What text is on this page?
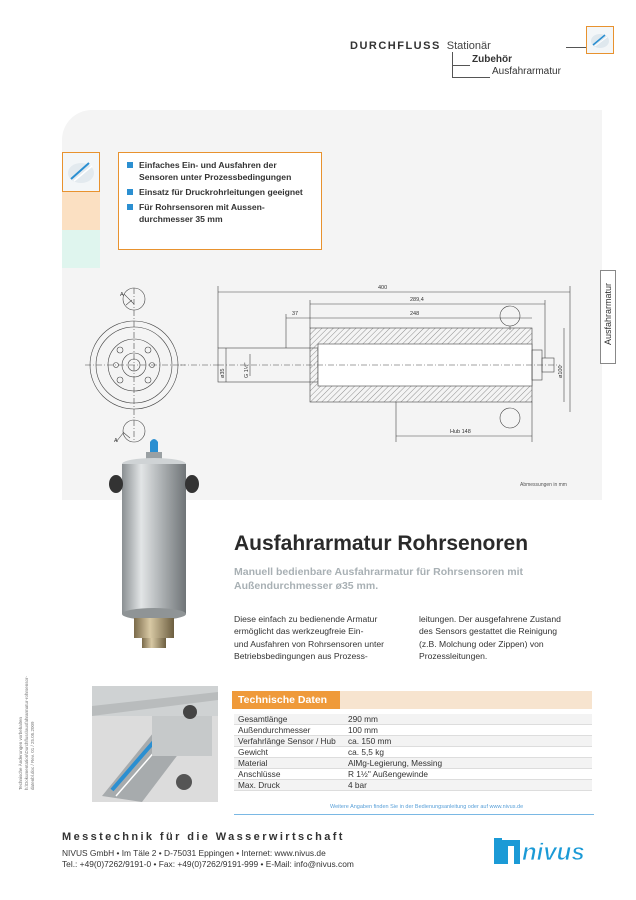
DURCHFLUSS Stationär
Zubehör
Ausfahrarmatur
Einfaches Ein- und Ausfahren der Sensoren unter Prozessbedingungen
Einsatz für Druckrohrleitungen geeignet
Für Rohrsensoren mit Aussen-durchmesser 35 mm
Ausfahrarmatur
400
289,4
37	248
Hub 148
ø35	G 1½"	ø100
A
A
Abmessungen in mm
Ausfahrarmatur Rohrsenoren
Manuell bedienbare Ausfahrarmatur für Rohrsensoren mit Außendurchmesser ø35 mm.
Diese einfach zu bedienende Armatur
ermöglicht das werkzeugfreie Ein-
und Ausfahren von Rohrsensoren unter
Betriebsbedingungen aus Prozess-
leitungen. Der ausgefahrene Zustand
des Sensors gestattet die Reinigung
(z.B. Molchung oder Zippen) von
Prozessleitungen.
Technische Daten
Gesamtlänge	290 mm
Außendurchmesser	100 mm
Verfahrlänge Sensor / Hub	ca. 150 mm
Gewicht	ca. 5,5 kg
Material	AlMg-Legierung, Messing
Anschlüsse	R 1½" Außengewinde
Max. Druck	4 bar
Weitere Angaben finden Sie in der Bedienungsanleitung oder auf www.nivus.de
Technische Änderungen vorbehalten h:\Dokumentation\Durchfluss\ausfahrarmatur-rohrsensor-datenbl.doc / Rev. 01 / 25.05.2009
Messtechnik für die Wasserwirtschaft
NIVUS GmbH • Im Täle 2 • D-75031 Eppingen • Internet: www.nivus.de
Tel.: +49(0)7262/9191-0 • Fax: +49(0)7262/9191-999 • E-Mail: info@nivus.com	nivus
